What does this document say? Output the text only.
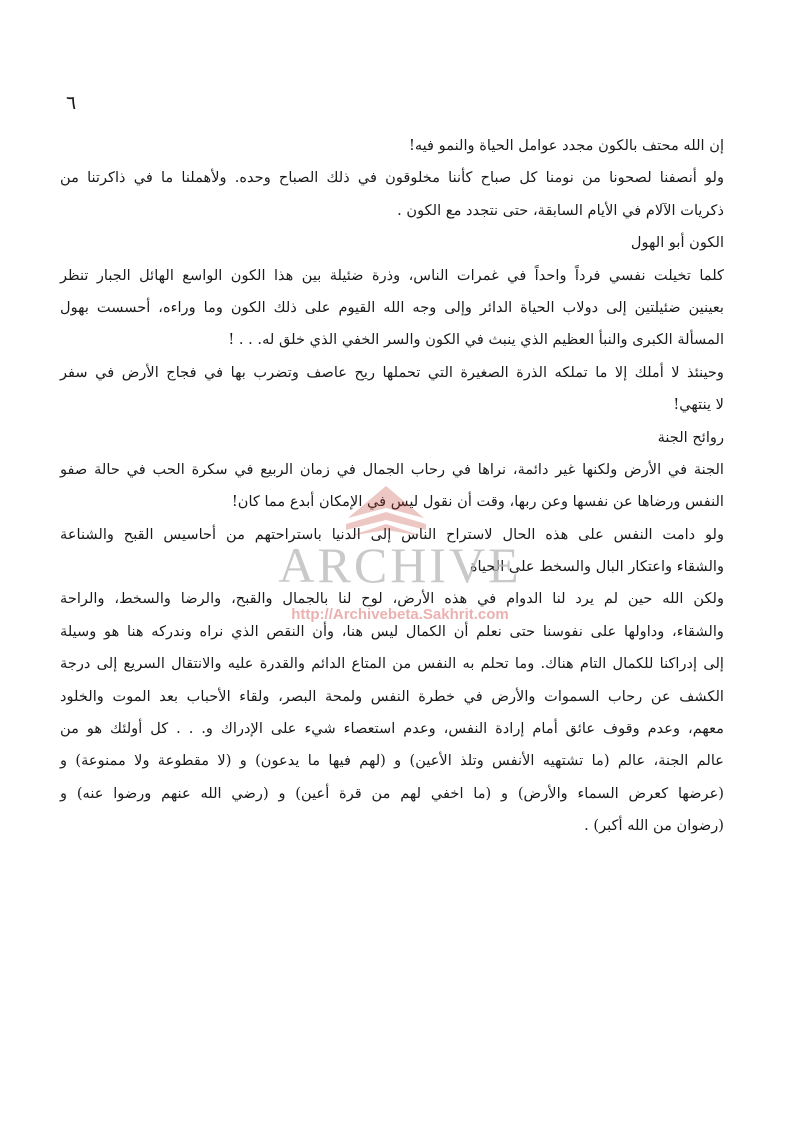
٦
إن الله محتف بالكون مجدد عوامل الحياة والنمو فيه!
ولو أنصفنا لصحونا من نومنا كل صباح كأننا مخلوقون في ذلك الصباح وحده. ولأهملنا ما في ذاكرتنا من
ذكريات الآلام في الأيام السابقة، حتى نتجدد مع الكون .
الكون أبو الهول
كلما تخيلت نفسي فرداً واحداً في غمرات الناس، وذرة ضئيلة بين هذا الكون الواسع الهائل الجبار تنظر
بعينين ضئيلتين إلى دولاب الحياة الدائر وإلى وجه الله القيوم على ذلك الكون وما وراءه، أحسست بهول
المسألة الكبرى والنبأ العظيم الذي ينبث في الكون والسر الخفي الذي خلق له. . . !
وحينئذ لا أملك إلا ما تملكه الذرة الصغيرة التي تحملها ريح عاصف وتضرب بها في فجاج الأرض في سفر
لا ينتهي!
روائح الجنة
الجنة في الأرض ولكنها غير دائمة، نراها في رحاب الجمال في زمان الربيع في سكرة الحب في حالة صفو
النفس ورضاها عن نفسها وعن ربها، وقت أن نقول ليس في الإمكان أبدع مما كان!
ولو دامت النفس على هذه الحال لاستراح الناس إلى الدنيا باستراحتهم من أحاسيس القبح والشناعة
والشقاء واعتكار البال والسخط على الحياة
ولكن الله حين لم يرد لنا الدوام في هذه الأرض، لوح لنا بالجمال والقبح، والرضا والسخط، والراحة
والشقاء، وداولها على نفوسنا حتى نعلم أن الكمال ليس هنا، وأن النقص الذي نراه وندركه هنا هو وسيلة
إلى إدراكنا للكمال التام هناك. وما تحلم به النفس من المتاع الدائم والقدرة عليه والانتقال السريع إلى درجة
الكشف عن رحاب السموات والأرض في خطرة النفس ولمحة البصر، ولقاء الأحباب بعد الموت والخلود
معهم، وعدم وقوف عائق أمام إرادة النفس، وعدم استعصاء شيء على الإدراك و. . . كل أولئك هو من
عالم الجنة، عالم (ما تشتهيه الأنفس وتلذ الأعين) و (لهم فيها ما يدعون) و (لا مقطوعة ولا ممنوعة) و
(عرضها كعرض السماء والأرض) و (ما اخفي لهم من قرة أعين) و (رضي الله عنهم ورضوا عنه) و
(رضوان من الله أكبر) .
ARCHIVE
http://Archivebeta.Sakhrit.com
